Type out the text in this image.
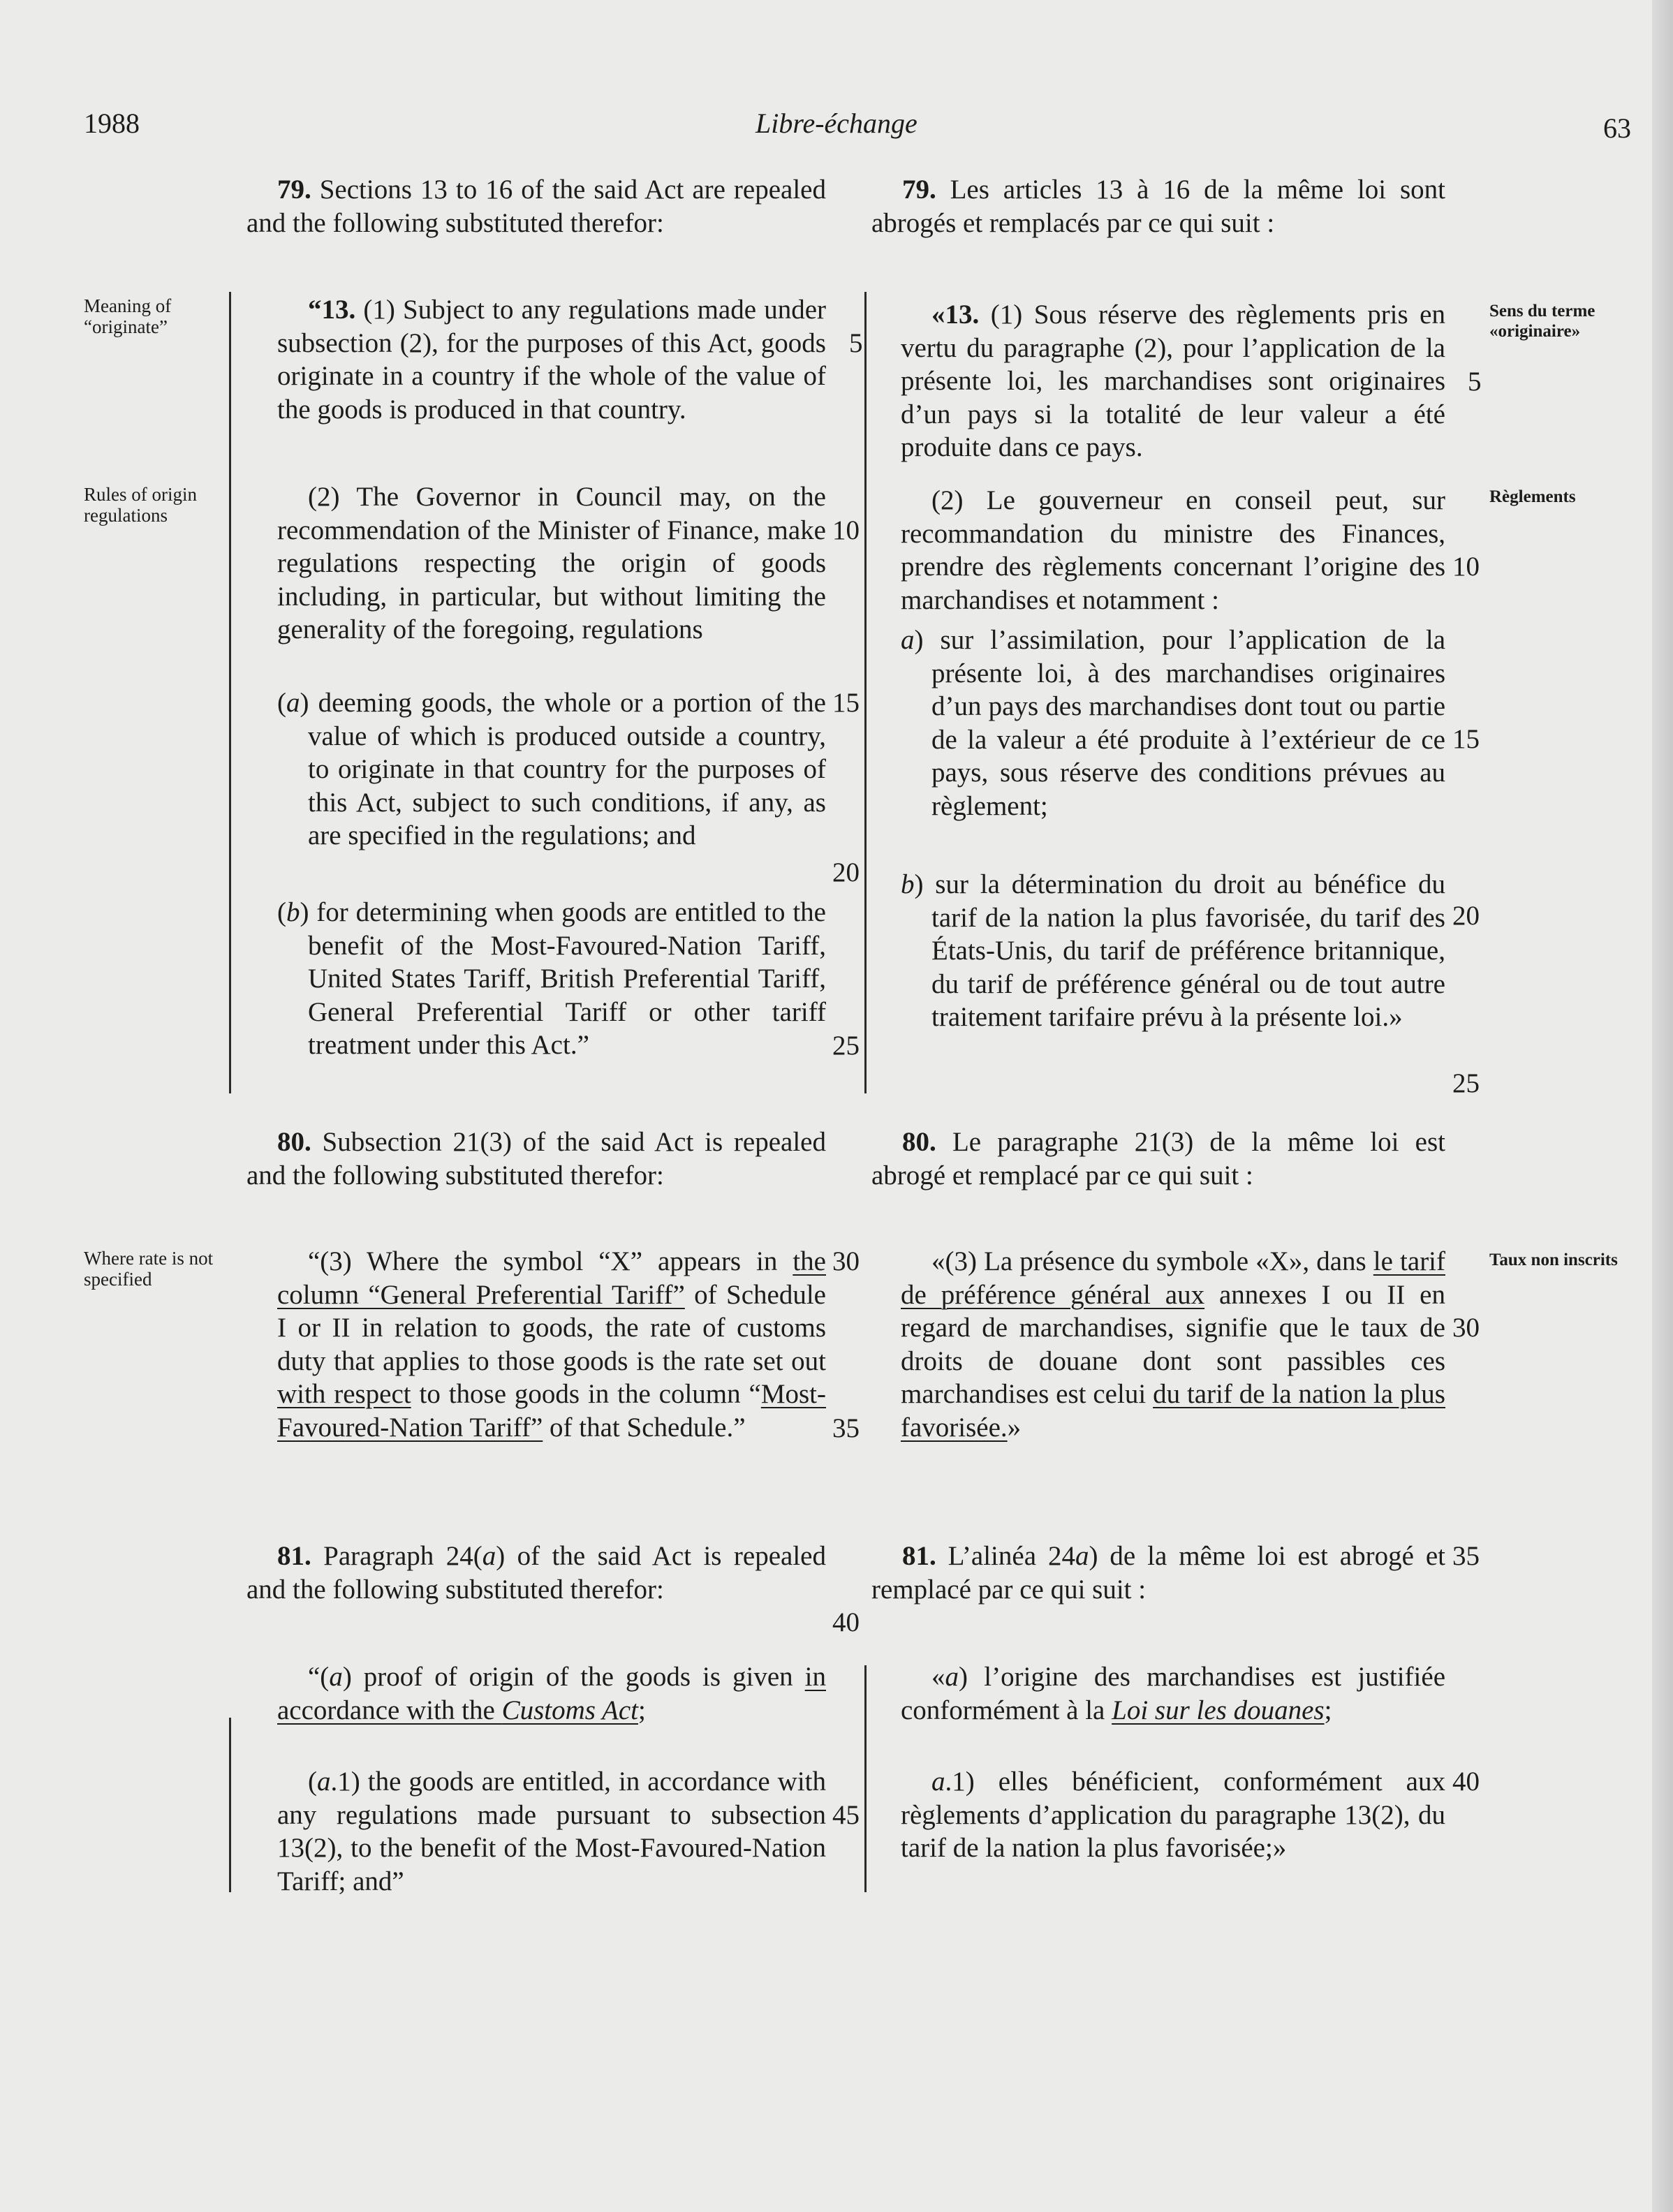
1988	Libre-échange	63
Meaning of “originate”
Rules of origin regulations
Where rate is not specified
Sens du terme «originaire»
Règlements
Taux non inscrits

79. Sections 13 to 16 of the said Act are repealed and the following substituted therefor:

“13. (1) Subject to any regulations made under subsection (2), for the purposes of this Act, goods originate in a country if the whole of the value of the goods is produced in that country.

(2) The Governor in Council may, on the recommendation of the Minister of Finance, make regulations respecting the origin of goods including, in particular, but without limiting the generality of the foregoing, regulations

(a) deeming goods, the whole or a portion of the value of which is produced outside a country, to originate in that country for the purposes of this Act, subject to such conditions, if any, as are specified in the regulations; and

(b) for determining when goods are entitled to the benefit of the Most-Favoured-Nation Tariff, United States Tariff, British Preferential Tariff, General Preferential Tariff or other tariff treatment under this Act.”

80. Subsection 21(3) of the said Act is repealed and the following substituted therefor:

“(3) Where the symbol “X” appears in the column “General Preferential Tariff” of Schedule I or II in relation to goods, the rate of customs duty that applies to those goods is the rate set out with respect to those goods in the column “Most-Favoured-Nation Tariff” of that Schedule.”

81. Paragraph 24(a) of the said Act is repealed and the following substituted therefor:

“(a) proof of origin of the goods is given in accordance with the Customs Act;

(a.1) the goods are entitled, in accordance with any regulations made pursuant to subsection 13(2), to the benefit of the Most-Favoured-Nation Tariff; and”

5
10
15
20
25
30
35
40
45

79. Les articles 13 à 16 de la même loi sont abrogés et remplacés par ce qui suit :

«13. (1) Sous réserve des règlements pris en vertu du paragraphe (2), pour l’application de la présente loi, les marchandises sont originaires d’un pays si la totalité de leur valeur a été produite dans ce pays.

(2) Le gouverneur en conseil peut, sur recommandation du ministre des Finances, prendre des règlements concernant l’origine des marchandises et notamment :

a) sur l’assimilation, pour l’application de la présente loi, à des marchandises originaires d’un pays des marchandises dont tout ou partie de la valeur a été produite à l’extérieur de ce pays, sous réserve des conditions prévues au règlement;

b) sur la détermination du droit au bénéfice du tarif de la nation la plus favorisée, du tarif des États-Unis, du tarif de préférence britannique, du tarif de préférence général ou de tout autre traitement tarifaire prévu à la présente loi.»

80. Le paragraphe 21(3) de la même loi est abrogé et remplacé par ce qui suit :

«(3) La présence du symbole «X», dans le tarif de préférence général aux annexes I ou II en regard de marchandises, signifie que le taux de droits de douane dont sont passibles ces marchandises est celui du tarif de la nation la plus favorisée.»

81. L’alinéa 24a) de la même loi est abrogé et remplacé par ce qui suit :

«a) l’origine des marchandises est justifiée conformément à la Loi sur les douanes;

a.1) elles bénéficient, conformément aux règlements d’application du paragraphe 13(2), du tarif de la nation la plus favorisée;»

5
10
15
20
25
30
35
40
